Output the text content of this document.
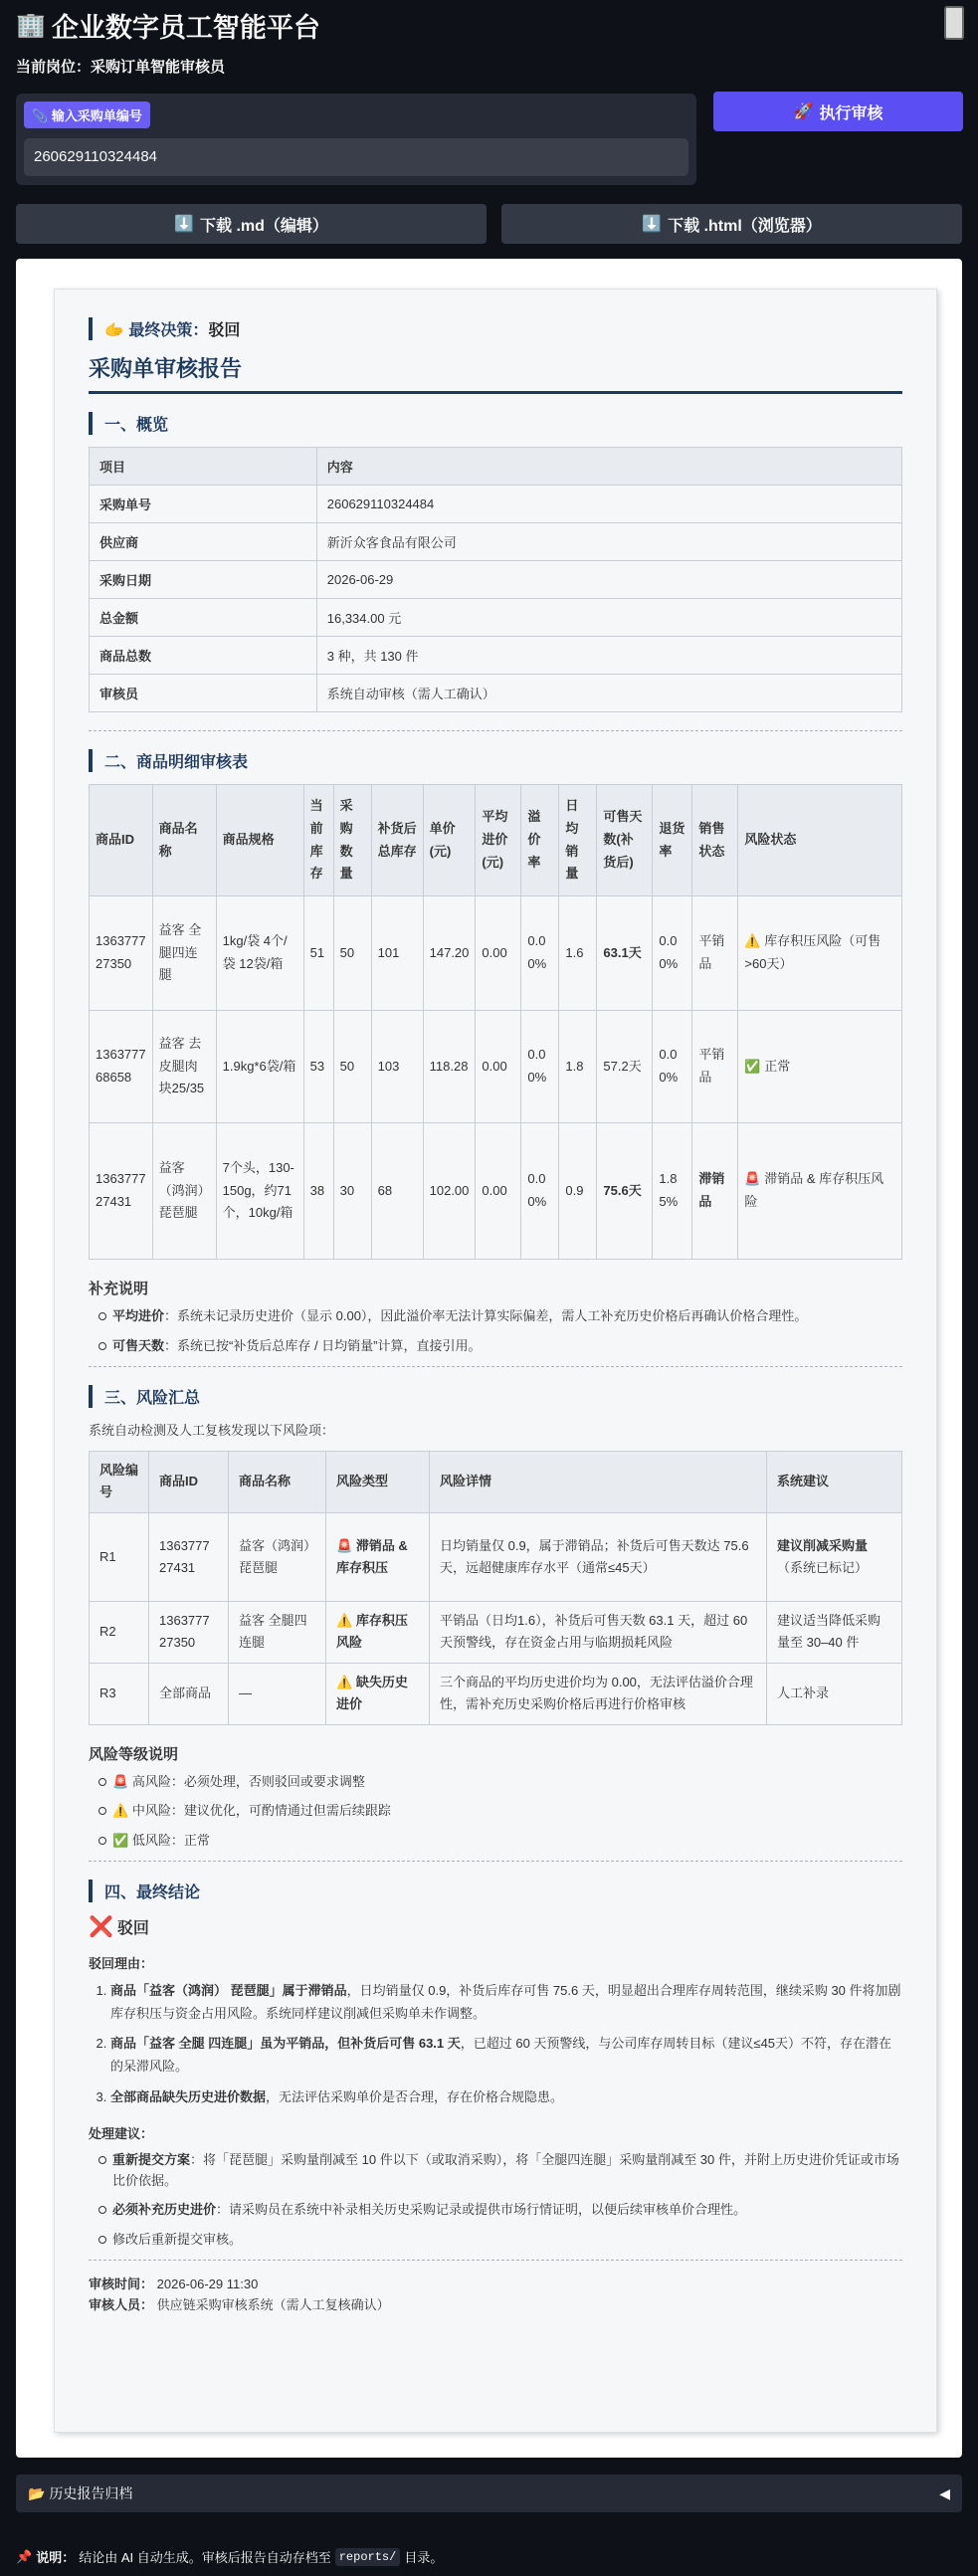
🏢 企业数字员工智能平台
当前岗位：采购订单智能审核员
📎 输入采购单编号
260629110324484
🚀 执行审核
⬇️ 下载 .md（编辑）	⬇️ 下载 .html（浏览器）
🫱 最终决策：驳回
采购单审核报告
一、概览
项目	内容
采购单号	260629110324484
供应商	新沂众客食品有限公司
采购日期	2026-06-29
总金额	16,334.00 元
商品总数	3 种，共 130 件
审核员	系统自动审核（需人工确认）
二、商品明细审核表
商品ID	商品名称	商品规格	当前库存	采购数量	补货后总库存	单价(元)	平均进价(元)	溢价率	日均销量	可售天数(补货后)	退货率	销售状态	风险状态
1363777 27350	益客 全腿四连腿	1kg/袋 4个/袋 12袋/箱	51	50	101	147.20	0.00	0.0 0%	1.6	63.1天	0.0 0%	平销品	⚠️ 库存积压风险（可售>60天）
1363777 68658	益客 去皮腿肉块25/35	1.9kg*6袋/箱	53	50	103	118.28	0.00	0.0 0%	1.8	57.2天	0.0 0%	平销品	✅ 正常
1363777 27431	益客（鸿润）琵琶腿	7个头，130-150g，约71个，10kg/箱	38	30	68	102.00	0.00	0.0 0%	0.9	75.6天	1.8 5%	滞销品	🚨 滞销品 & 库存积压风险
补充说明
平均进价：系统未记录历史进价（显示 0.00），因此溢价率无法计算实际偏差，需人工补充历史价格后再确认价格合理性。
可售天数：系统已按“补货后总库存 / 日均销量”计算，直接引用。
三、风险汇总
系统自动检测及人工复核发现以下风险项：
风险编号	商品ID	商品名称	风险类型	风险详情	系统建议
R1	1363777 27431	益客（鸿润）琵琶腿	🚨 滞销品 & 库存积压	日均销量仅 0.9，属于滞销品；补货后可售天数达 75.6 天，远超健康库存水平（通常≤45天）	建议削减采购量
（系统已标记）
R2	1363777 27350	益客 全腿四连腿	⚠️ 库存积压风险	平销品（日均1.6），补货后可售天数 63.1 天，超过 60 天预警线，存在资金占用与临期损耗风险	建议适当降低采购量至 30–40 件
R3	全部商品	—	⚠️ 缺失历史进价	三个商品的平均历史进价均为 0.00，无法评估溢价合理性，需补充历史采购价格后再进行价格审核	人工补录
风险等级说明
🚨 高风险：必须处理，否则驳回或要求调整
⚠️ 中风险：建议优化，可酌情通过但需后续跟踪
✅ 低风险：正常
四、最终结论
❌ 驳回
驳回理由：
1. 商品「益客（鸿润） 琵琶腿」属于滞销品，日均销量仅 0.9，补货后库存可售 75.6 天，明显超出合理库存周转范围，继续采购 30 件将加剧库存积压与资金占用风险。系统同样建议削减但采购单未作调整。
2. 商品「益客 全腿 四连腿」虽为平销品，但补货后可售 63.1 天，已超过 60 天预警线，与公司库存周转目标（建议≤45天）不符，存在潜在的呆滞风险。
3. 全部商品缺失历史进价数据，无法评估采购单价是否合理，存在价格合规隐患。
处理建议：
重新提交方案：将「琵琶腿」采购量削减至 10 件以下（或取消采购），将「全腿四连腿」采购量削减至 30 件，并附上历史进价凭证或市场比价依据。
必须补充历史进价：请采购员在系统中补录相关历史采购记录或提供市场行情证明，以便后续审核单价合理性。
修改后重新提交审核。
审核时间： 2026-06-29 11:30
审核人员： 供应链采购审核系统（需人工复核确认）
📂 历史报告归档	◀
📌 说明： 结论由 AI 自动生成。审核后报告自动存档至 reports/ 目录。
